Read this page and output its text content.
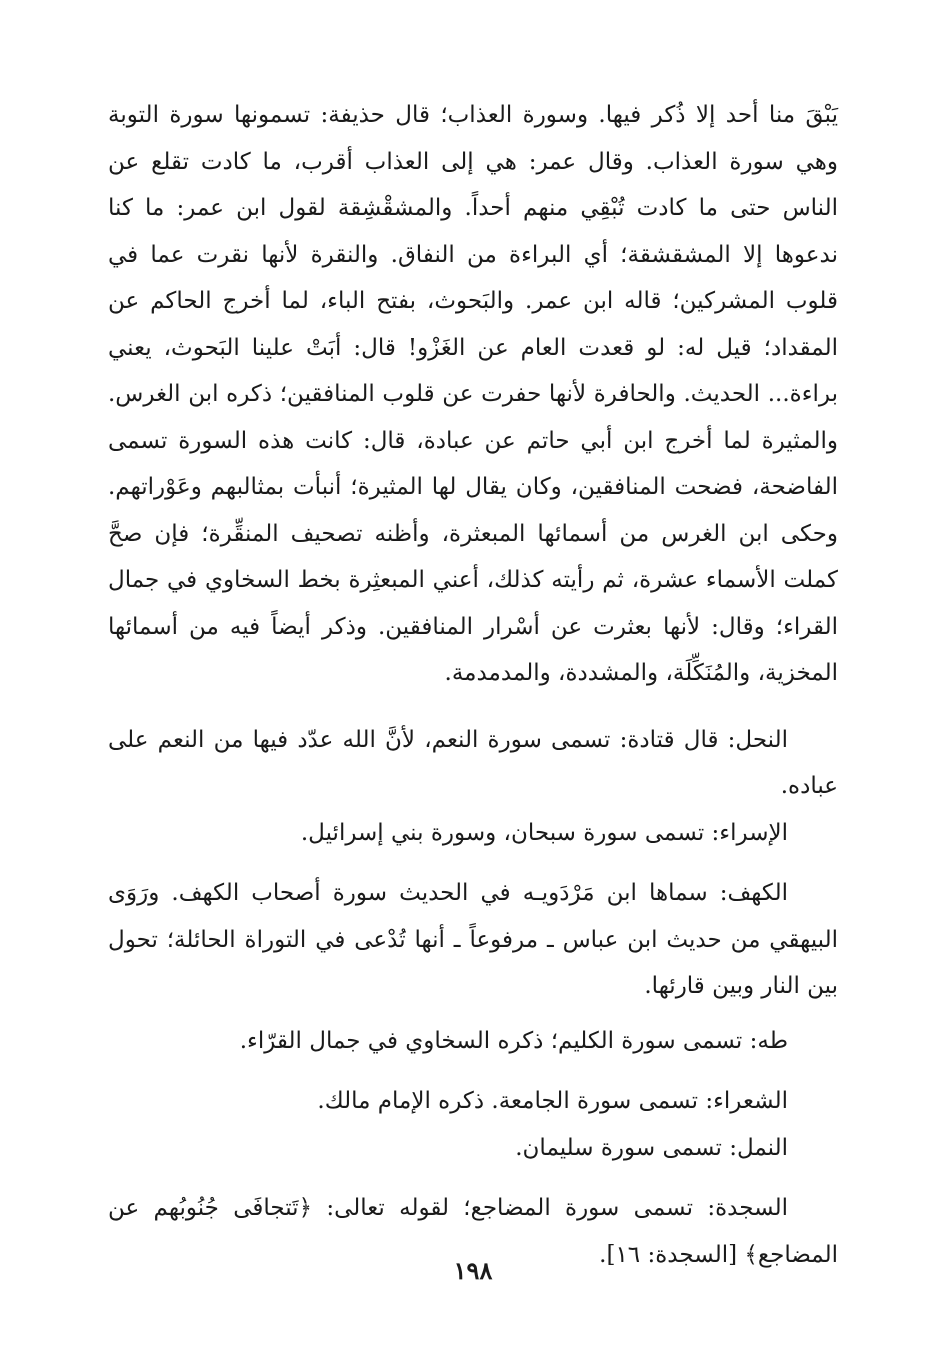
يَبْقَ منا أحد إلا ذُكر فيها. وسورة العذاب؛ قال حذيفة: تسمونها سورة التوبة وهي سورة العذاب. وقال عمر: هي إلى العذاب أقرب، ما كادت تقلع عن الناس حتى ما كادت تُبْقِي منهم أحداً. والمشقْشِقة لقول ابن عمر: ما كنا ندعوها إلا المشقشقة؛ أي البراءة من النفاق. والنقرة لأنها نقرت عما في قلوب المشركين؛ قاله ابن عمر. والبَحوث، بفتح الباء، لما أخرج الحاكم عن المقداد؛ قيل له: لو قعدت العام عن الغَزْو! قال: أبَتْ علينا البَحوث، يعني براءة... الحديث. والحافرة لأنها حفرت عن قلوب المنافقين؛ ذكره ابن الغرس. والمثيرة لما أخرج ابن أبي حاتم عن عبادة، قال: كانت هذه السورة تسمى الفاضحة، فضحت المنافقين، وكان يقال لها المثيرة؛ أنبأت بمثالبهم وعَوْراتهم. وحكى ابن الغرس من أسمائها المبعثرة، وأظنه تصحيف المنقِّرة؛ فإن صحَّ كملت الأسماء عشرة، ثم رأيته كذلك، أعني المبعثِرة بخط السخاوي في جمال القراء؛ وقال: لأنها بعثرت عن أسْرار المنافقين. وذكر أيضاً فيه من أسمائها المخزية، والمُنَكِّلَة، والمشددة، والمدمدمة.

النحل: قال قتادة: تسمى سورة النعم، لأنَّ الله عدّد فيها من النعم على عباده.

الإسراء: تسمى سورة سبحان، وسورة بني إسرائيل.

الكهف: سماها ابن مَرْدَويـه في الحديث سورة أصحاب الكهف. ورَوَى البيهقي من حديث ابن عباس ـ مرفوعاً ـ أنها تُدْعى في التوراة الحائلة؛ تحول بين النار وبين قارئها.

طه: تسمى سورة الكليم؛ ذكره السخاوي في جمال القرّاء.

الشعراء: تسمى سورة الجامعة. ذكره الإمام مالك.

النمل: تسمى سورة سليمان.

السجدة: تسمى سورة المضاجع؛ لقوله تعالى: ﴿تَتجافَى جُنُوبُهم عن المضاجع﴾ [السجدة: ١٦].

١٩٨
